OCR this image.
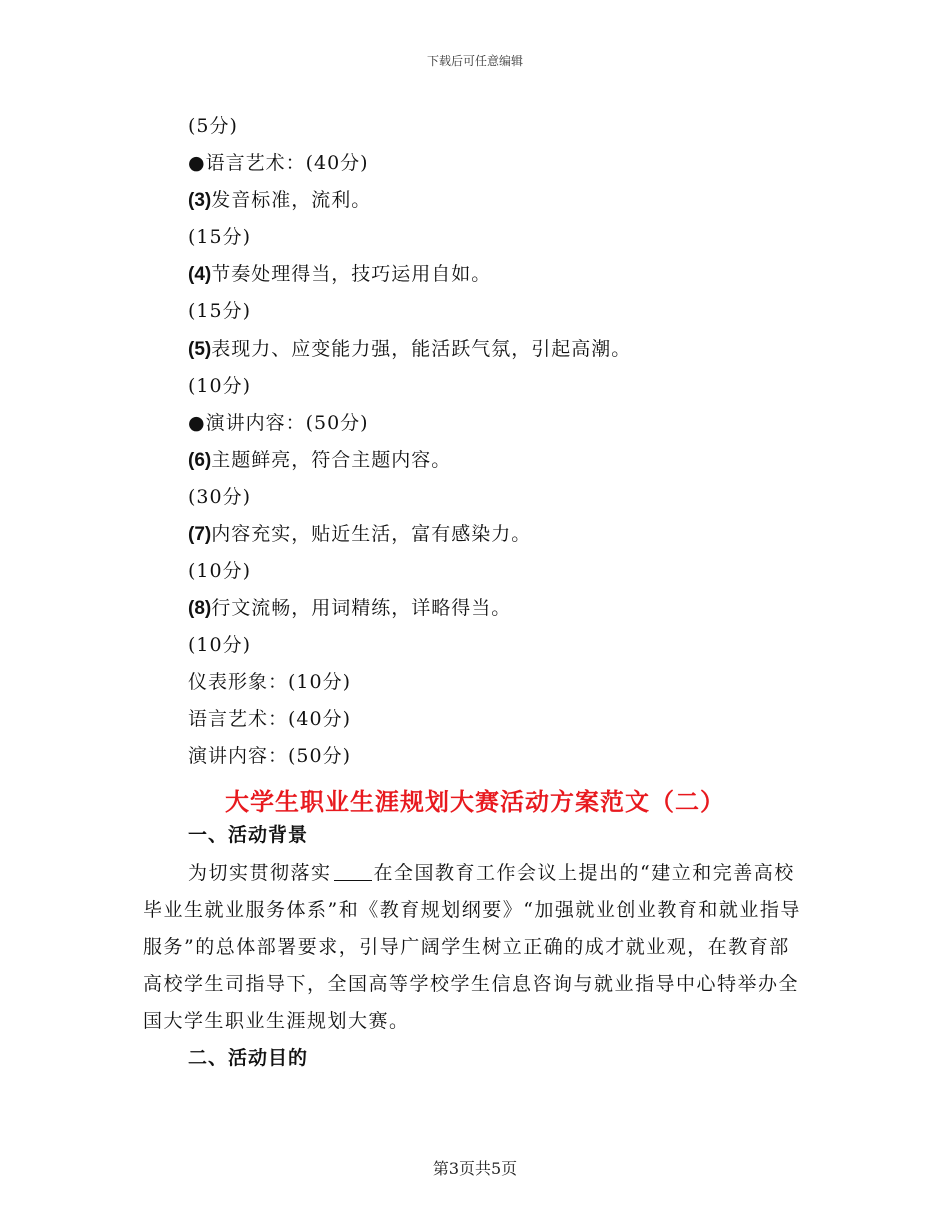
下载后可任意编辑
(5分)
●语言艺术：(40分)
(3)发音标准，流利。
(15分)
(4)节奏处理得当，技巧运用自如。
(15分)
(5)表现力、应变能力强，能活跃气氛，引起高潮。
(10分)
●演讲内容：(50分)
(6)主题鲜亮，符合主题内容。
(30分)
(7)内容充实，贴近生活，富有感染力。
(10分)
(8)行文流畅，用词精练，详略得当。
(10分)
仪表形象：(10分)
语言艺术：(40分)
演讲内容：(50分)
大学生职业生涯规划大赛活动方案范文（二）
一、活动背景
为切实贯彻落实 在全国教育工作会议上提出的“建立和完善高校毕业生就业服务体系”和《教育规划纲要》“加强就业创业教育和就业指导服务”的总体部署要求，引导广阔学生树立正确的成才就业观，在教育部高校学生司指导下，全国高等学校学生信息咨询与就业指导中心特举办全国大学生职业生涯规划大赛。
二、活动目的
第3页共5页
